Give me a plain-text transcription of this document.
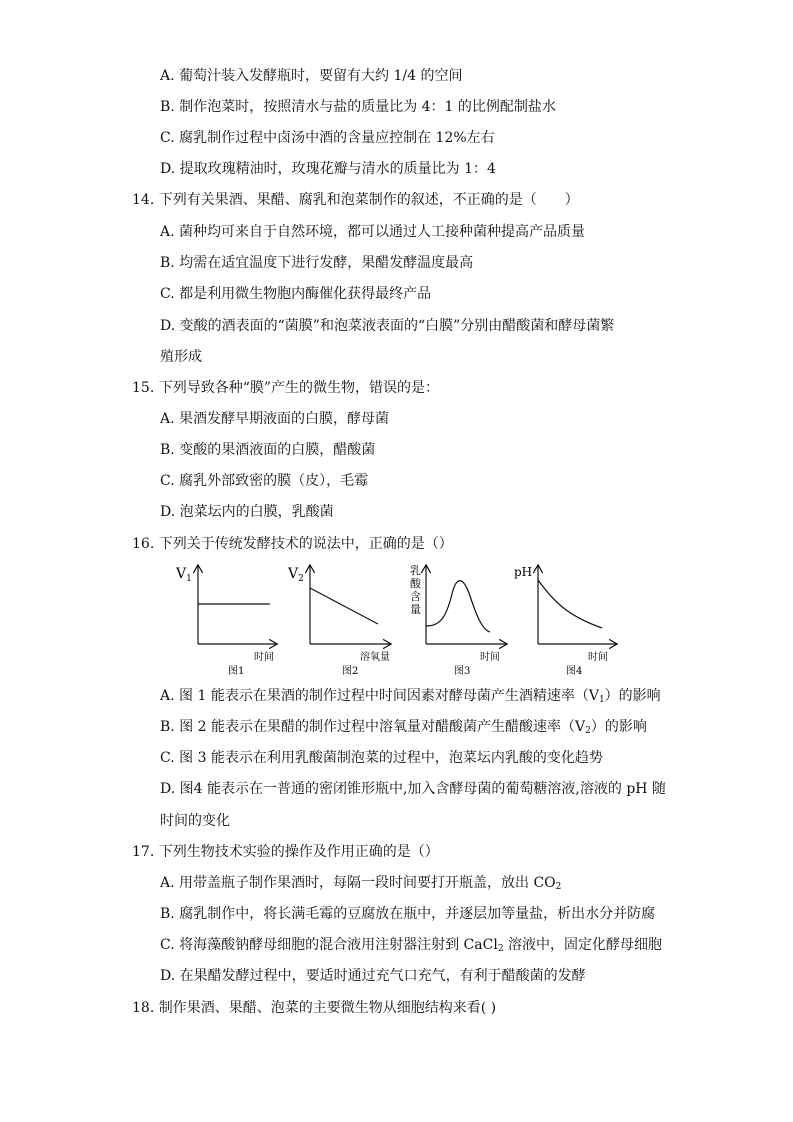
A. 葡萄汁装入发酵瓶时，要留有大约 1/4 的空间
B. 制作泡菜时，按照清水与盐的质量比为 4：1 的比例配制盐水
C. 腐乳制作过程中卤汤中酒的含量应控制在 12%左右
D. 提取玫瑰精油时，玫瑰花瓣与清水的质量比为 1：4
14. 下列有关果酒、果醋、腐乳和泡菜制作的叙述，不正确的是（　　）
A. 菌种均可来自于自然环境，都可以通过人工接种菌种提高产品质量
B. 均需在适宜温度下进行发酵，果醋发酵温度最高
C. 都是利用微生物胞内酶催化获得最终产品
D. 变酸的酒表面的“菌膜”和泡菜液表面的“白膜”分别由醋酸菌和酵母菌繁
殖形成
15. 下列导致各种“膜”产生的微生物，错误的是：
A. 果酒发酵早期液面的白膜，酵母菌
B. 变酸的果酒液面的白膜，醋酸菌
C. 腐乳外部致密的膜（皮），毛霉
D. 泡菜坛内的白膜，乳酸菌
16. 下列关于传统发酵技术的说法中，正确的是（）
$V_1$
时间
图1
$V_2$
溶氧量
图2
乳 酸 含 量
时间
图3
pH
时间
图4
A. 图 1 能表示在果酒的制作过程中时间因素对酵母菌产生酒精速率$(V_1)$的影响
B. 图 2 能表示在果醋的制作过程中溶氧量对醋酸菌产生醋酸速率$(V_2)$的影响
C. 图 3 能表示在利用乳酸菌制泡菜的过程中，泡菜坛内乳酸的变化趋势
D. 图4 能表示在一普通的密闭锥形瓶中,加入含酵母菌的葡萄糖溶液,溶液的 pH 随
时间的变化
17. 下列生物技术实验的操作及作用正确的是（）
A. 用带盖瓶子制作果酒时，每隔一段时间要打开瓶盖，放出 $CO_2$
B. 腐乳制作中，将长满毛霉的豆腐放在瓶中，并逐层加等量盐，析出水分并防腐
C. 将海藻酸钠酵母细胞的混合液用注射器注射到 CaCl$_2$ 溶液中，固定化酵母细胞
D. 在果醋发酵过程中，要适时通过充气口充气，有利于醋酸菌的发酵
18. 制作果酒、果醋、泡菜的主要微生物从细胞结构来看( )
